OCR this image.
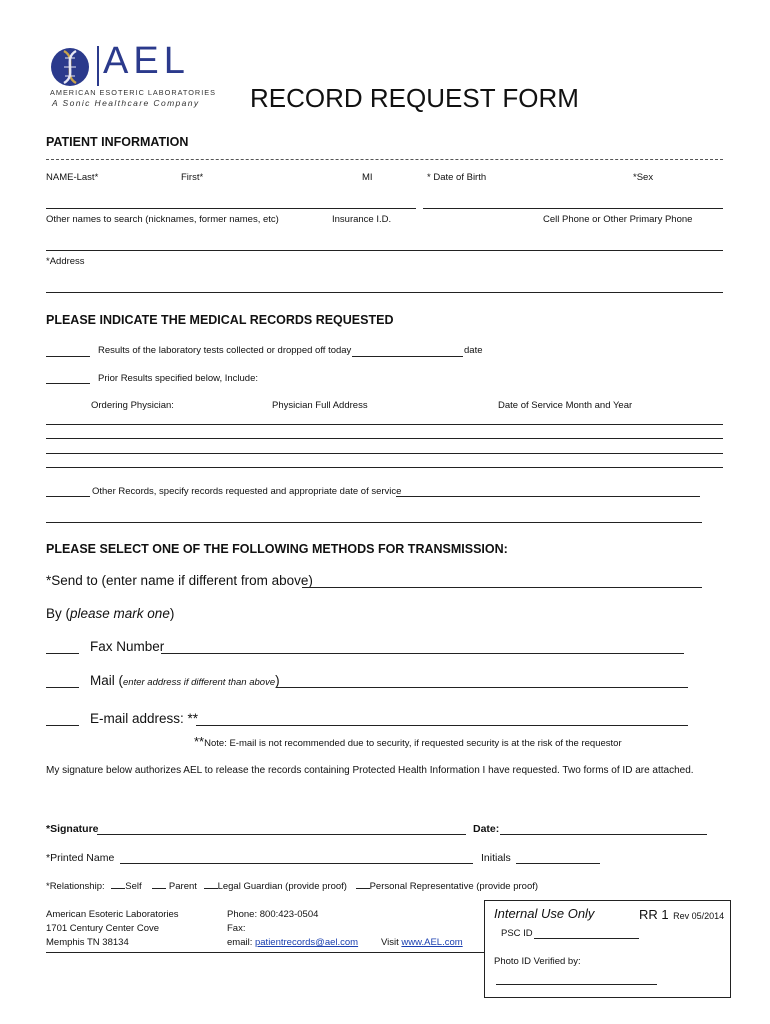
AEL
AMERICAN ESOTERIC LABORATORIES
A Sonic Healthcare Company RECORD REQUEST FORM
PATIENT INFORMATION
NAME-Last*	First*	MI	* Date of Birth	*Sex
Other names to search (nicknames, former names, etc)	Insurance I.D.	Cell Phone or Other Primary Phone
*Address
PLEASE INDICATE THE MEDICAL RECORDS REQUESTED
Results of the laboratory tests collected or dropped off today	date
Prior Results specified below, Include:
Ordering Physician:	Physician Full Address	Date of Service Month and Year
Other Records, specify records requested and appropriate date of service
PLEASE SELECT ONE OF THE FOLLOWING METHODS FOR TRANSMISSION:
*Send to (enter name if different from above)
By (please mark one)
Fax Number
Mail (enter address if different than above)
E-mail address: **
**Note: E-mail is not recommended due to security, if requested security is at the risk of the requestor
My signature below authorizes AEL to release the records containing Protected Health Information I have requested. Two forms of ID are attached.
*Signature	Date:
*Printed Name	Initials
*Relationship: Self	Parent Legal Guardian (provide proof) Personal Representative (provide proof)
American Esoteric Laboratories
1701 Century Center Cove
Memphis TN 38134
Phone: 800:423-0504
Fax:
email: patientrecords@ael.com Visit www.AEL.com
Internal Use Only	RR 1 Rev 05/2014
PSC ID
Photo ID Verified by:
